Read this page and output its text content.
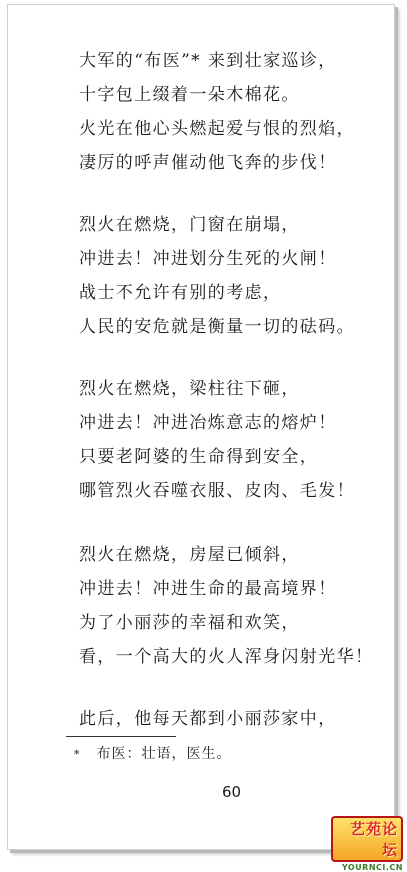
大军的“布医”* 来到壮家巡诊，
十字包上缀着一朵木棉花。
火光在他心头燃起爱与恨的烈焰，
凄厉的呼声催动他飞奔的步伐！
烈火在燃烧，门窗在崩塌，
冲进去！冲进划分生死的火闸！
战士不允许有别的考虑，
人民的安危就是衡量一切的砝码。
烈火在燃烧，梁柱往下砸，
冲进去！冲进冶炼意志的熔炉！
只要老阿婆的生命得到安全，
哪管烈火吞噬衣服、皮肉、毛发！
烈火在燃烧，房屋已倾斜，
冲进去！冲进生命的最高境界！
为了小丽莎的幸福和欢笑，
看，一个高大的火人浑身闪射光华！
此后，他每天都到小丽莎家中，
* 布医：壮语，医生。
60
艺苑论坛
YOURNCI.CN
